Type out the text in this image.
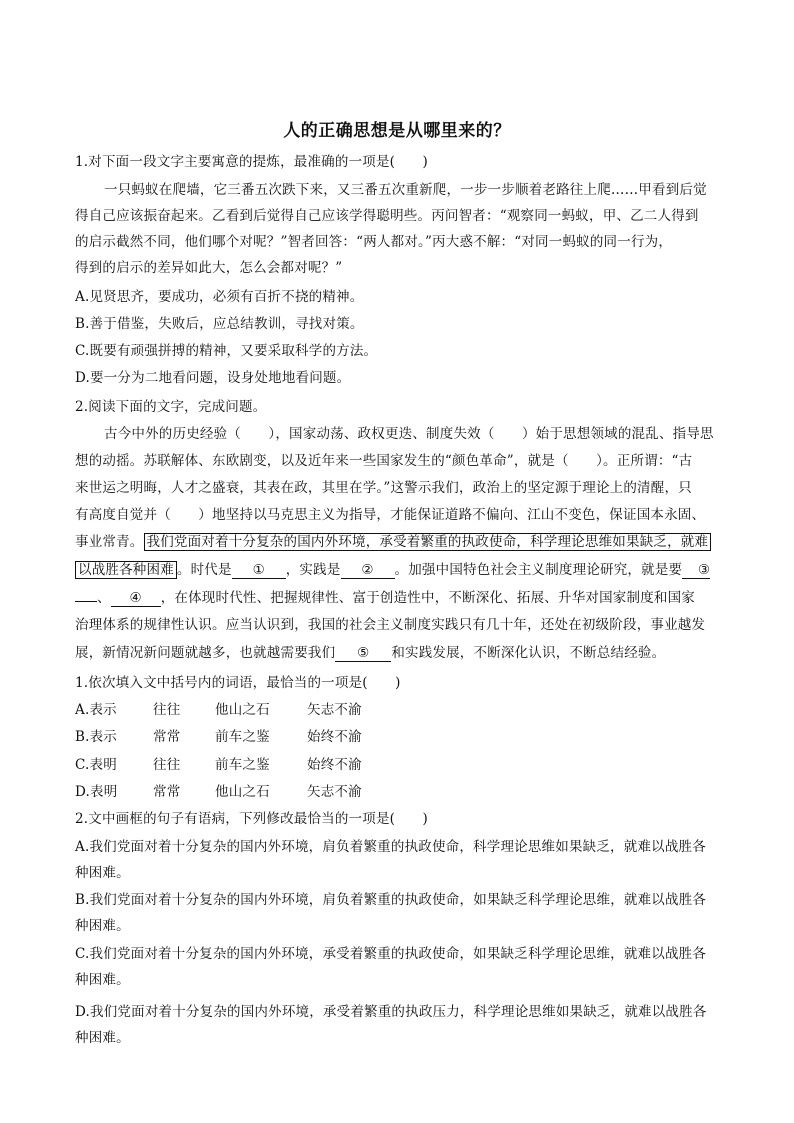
人的正确思想是从哪里来的？
1.对下面一段文字主要寓意的提炼，最准确的一项是(　　)
一只蚂蚁在爬墙，它三番五次跌下来，又三番五次重新爬，一步一步顺着老路往上爬……甲看到后觉
得自己应该振奋起来。乙看到后觉得自己应该学得聪明些。丙问智者：“观察同一蚂蚁，甲、乙二人得到
的启示截然不同，他们哪个对呢？”智者回答：“两人都对。”丙大惑不解：“对同一蚂蚁的同一行为，
得到的启示的差异如此大，怎么会都对呢？”
A.见贤思齐，要成功，必须有百折不挠的精神。
B.善于借鉴，失败后，应总结教训，寻找对策。
C.既要有顽强拼搏的精神，又要采取科学的方法。
D.要一分为二地看问题，设身处地地看问题。
2.阅读下面的文字，完成问题。
古今中外的历史经验（　　），国家动荡、政权更迭、制度失效（　　）始于思想领域的混乱、指导思
想的动摇。苏联解体、东欧剧变，以及近年来一些国家发生的“颜色革命”，就是（　　）。正所谓：“古
来世运之明晦，人才之盛衰，其表在政，其里在学。”这警示我们，政治上的坚定源于理论上的清醒，只
有高度自觉并（　　）地坚持以马克思主义为指导，才能保证道路不偏向、江山不变色，保证国本永固、
事业常青。 我们党面对着十分复杂的国内外环境，承受着繁重的执政使命，科学理论思维如果缺乏，就难
以战胜各种困难 。时代是 ① ，实践是 ② 。加强中国特色社会主义制度理论研究，就是要 ③
、 ④ ，在体现时代性、把握规律性、富于创造性中，不断深化、拓展、升华对国家制度和国家
治理体系的规律性认识。应当认识到，我国的社会主义制度实践只有几十年，还处在初级阶段，事业越发
展，新情况新问题就越多，也就越需要我们 ⑤ 和实践发展，不断深化认识，不断总结经验。
1.依次填入文中括号内的词语，最恰当的一项是(　　)
A.表示	往往	他山之石	矢志不渝
B.表示	常常	前车之鉴	始终不渝
C.表明	往往	前车之鉴	始终不渝
D.表明	常常	他山之石	矢志不渝
2.文中画框的句子有语病，下列修改最恰当的一项是(　　)
A.我们党面对着十分复杂的国内外环境，肩负着繁重的执政使命，科学理论思维如果缺乏，就难以战胜各
种困难。
B.我们党面对着十分复杂的国内外环境，肩负着繁重的执政使命，如果缺乏科学理论思维，就难以战胜各
种困难。
C.我们党面对着十分复杂的国内外环境，承受着繁重的执政使命，如果缺乏科学理论思维，就难以战胜各
种困难。
D.我们党面对着十分复杂的国内外环境，承受着繁重的执政压力，科学理论思维如果缺乏，就难以战胜各
种困难。
